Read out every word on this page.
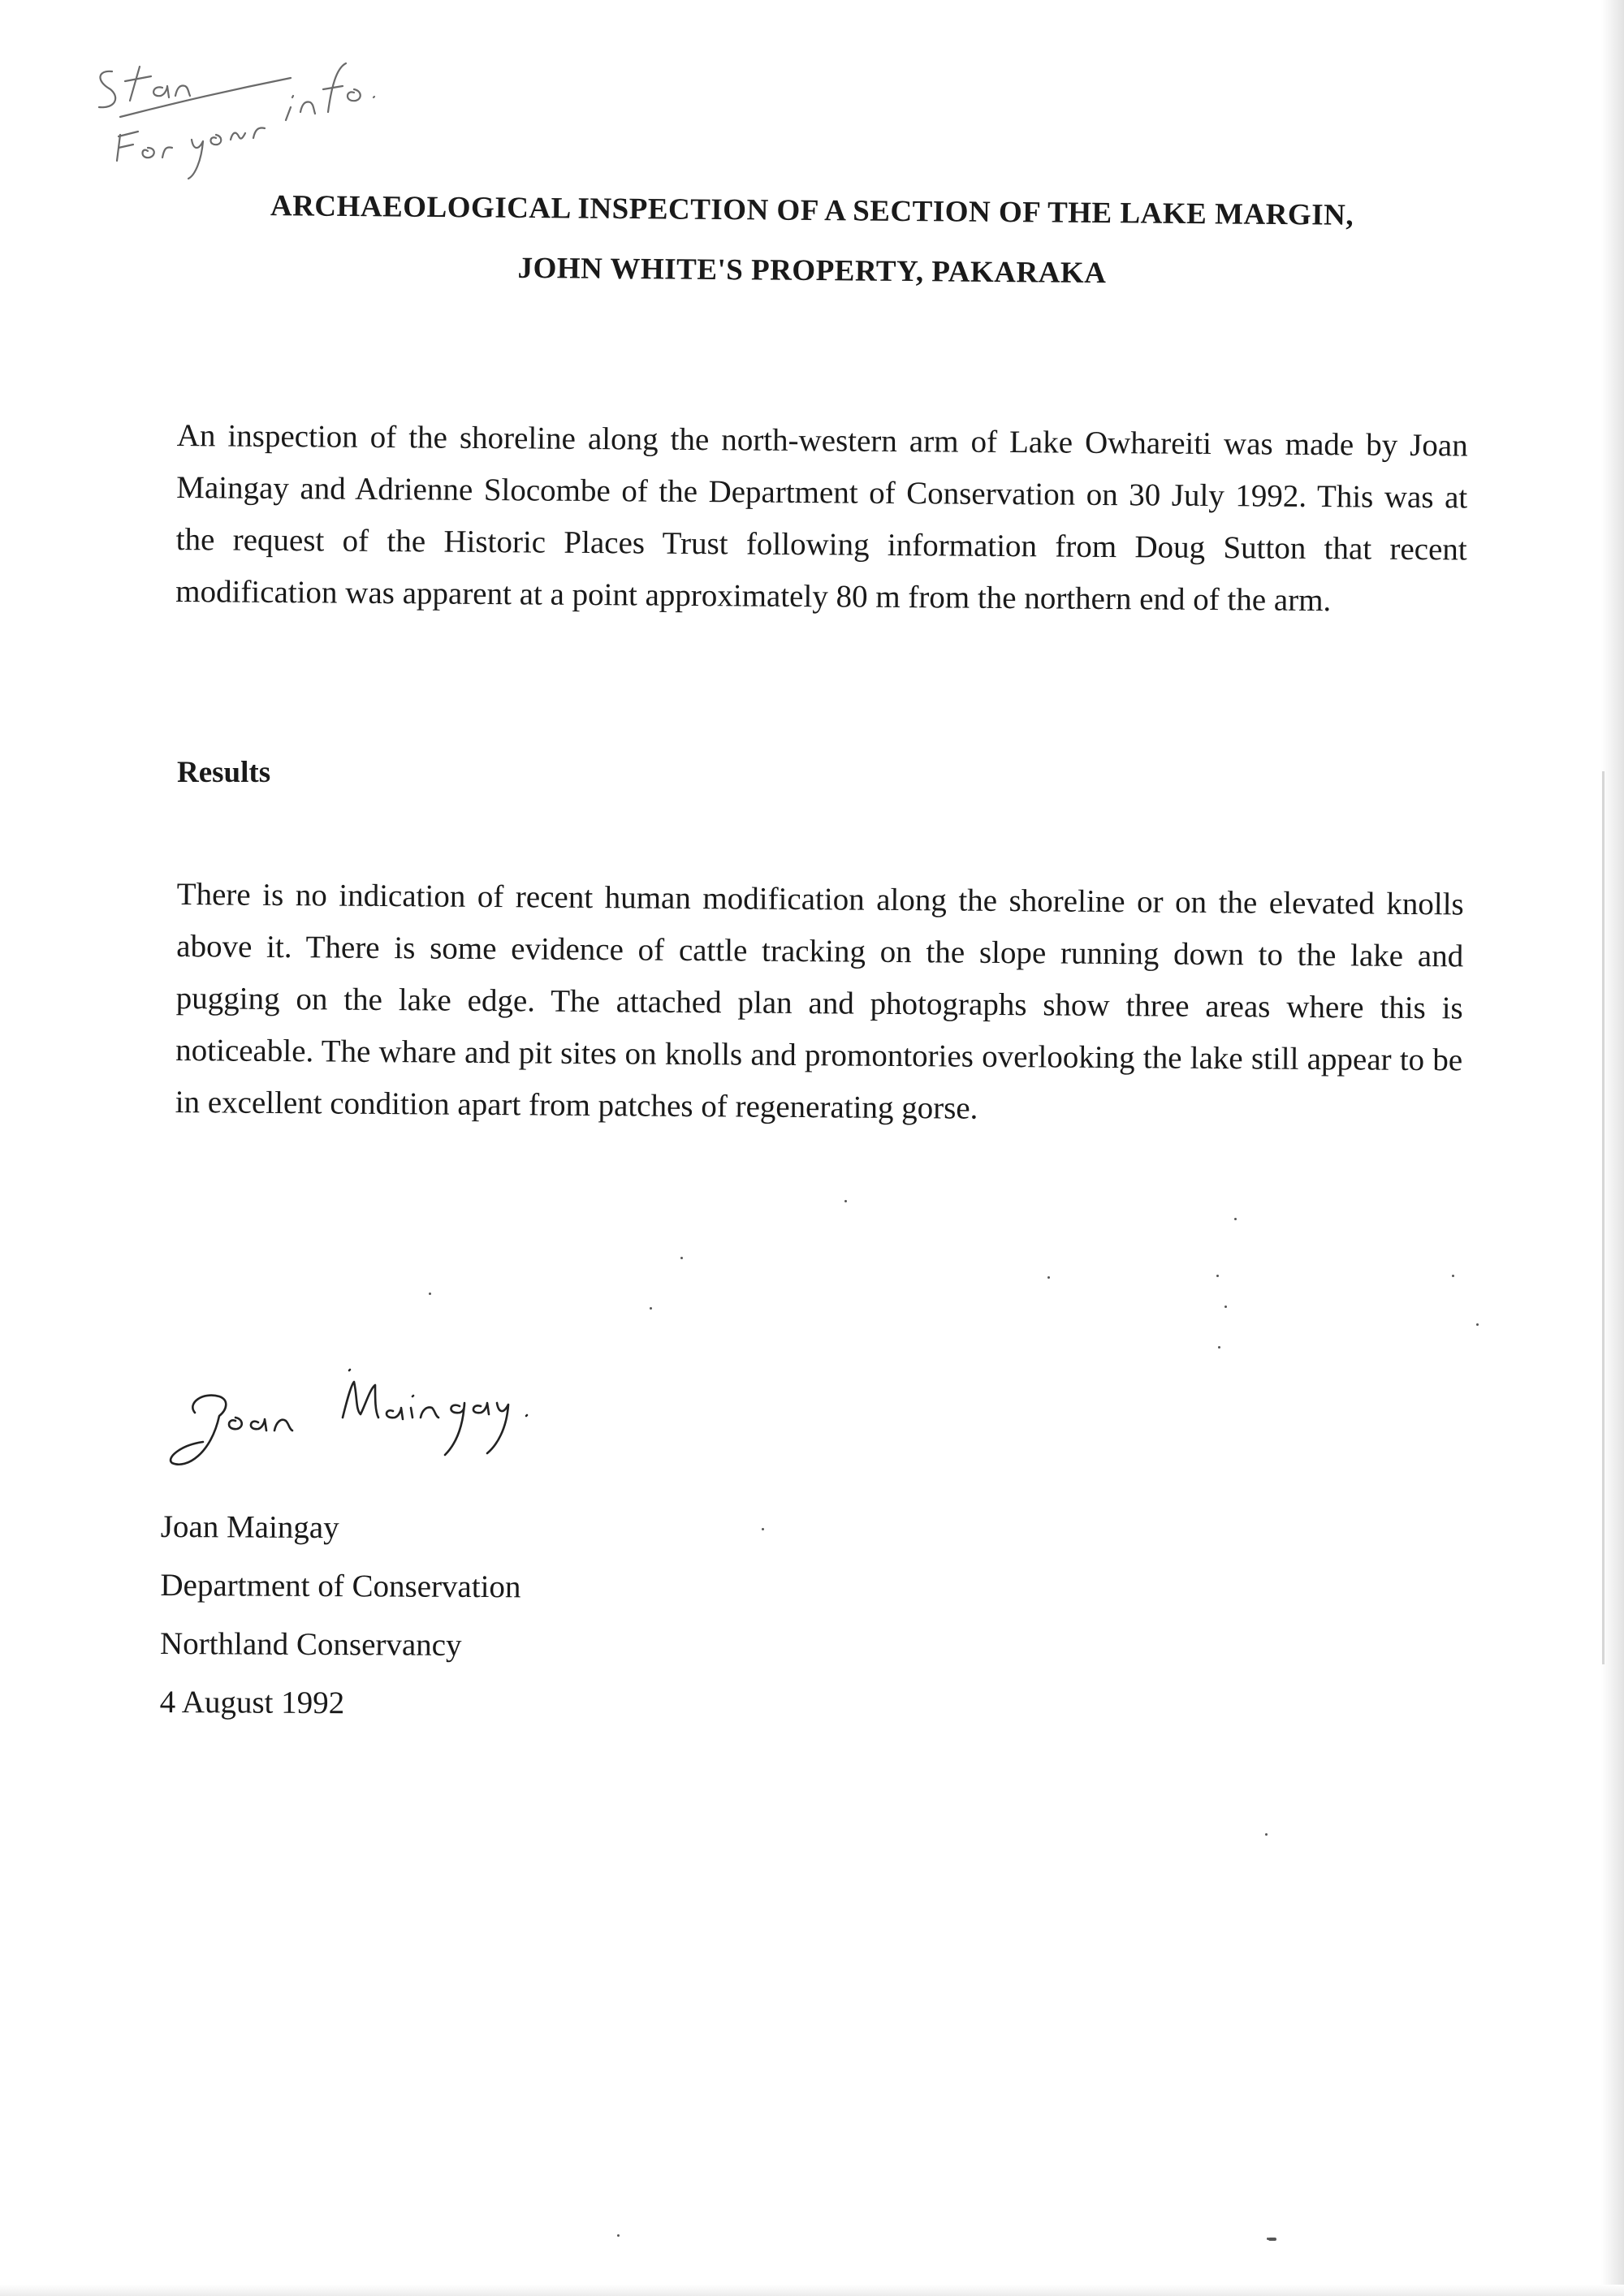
ARCHAEOLOGICAL INSPECTION OF A SECTION OF THE LAKE MARGIN,
JOHN WHITE'S PROPERTY, PAKARAKA

An inspection of the shoreline along the north-western arm of Lake Owhareiti was made by Joan Maingay and Adrienne Slocombe of the Department of Conservation on 30 July 1992. This was at the request of the Historic Places Trust following information from Doug Sutton that recent modification was apparent at a point approximately 80 m from the northern end of the arm.

Results

There is no indication of recent human modification along the shoreline or on the elevated knolls above it. There is some evidence of cattle tracking on the slope running down to the lake and pugging on the lake edge. The attached plan and photographs show three areas where this is noticeable. The whare and pit sites on knolls and promontories overlooking the lake still appear to be in excellent condition apart from patches of regenerating gorse.

Joan Maingay
Department of Conservation
Northland Conservancy
4 August 1992
